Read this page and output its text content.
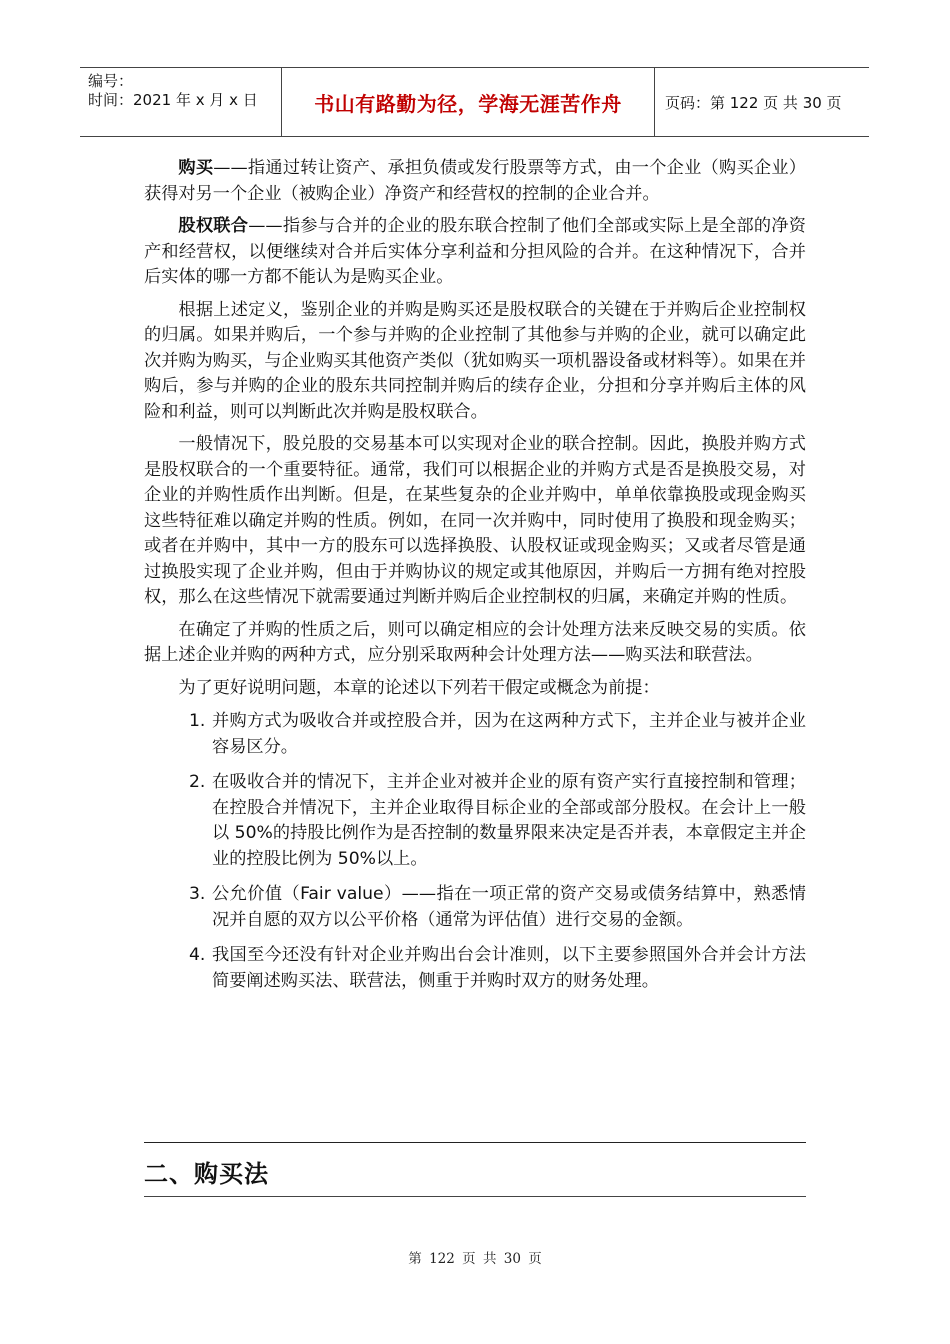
编号：
时间：2021 年 x 月 x 日	书山有路勤为径，学海无涯苦作舟	页码：第 122 页 共 30 页

购买——指通过转让资产、承担负债或发行股票等方式，由一个企业（购买企业）获得对另一个企业（被购企业）净资产和经营权的控制的企业合并。

股权联合——指参与合并的企业的股东联合控制了他们全部或实际上是全部的净资产和经营权，以便继续对合并后实体分享利益和分担风险的合并。在这种情况下，合并后实体的哪一方都不能认为是购买企业。

根据上述定义，鉴别企业的并购是购买还是股权联合的关键在于并购后企业控制权的归属。如果并购后，一个参与并购的企业控制了其他参与并购的企业，就可以确定此次并购为购买，与企业购买其他资产类似（犹如购买一项机器设备或材料等）。如果在并购后，参与并购的企业的股东共同控制并购后的续存企业，分担和分享并购后主体的风险和利益，则可以判断此次并购是股权联合。

一般情况下，股兑股的交易基本可以实现对企业的联合控制。因此，换股并购方式是股权联合的一个重要特征。通常，我们可以根据企业的并购方式是否是换股交易，对企业的并购性质作出判断。但是，在某些复杂的企业并购中，单单依靠换股或现金购买这些特征难以确定并购的性质。例如，在同一次并购中，同时使用了换股和现金购买；或者在并购中，其中一方的股东可以选择换股、认股权证或现金购买；又或者尽管是通过换股实现了企业并购，但由于并购协议的规定或其他原因，并购后一方拥有绝对控股权，那么在这些情况下就需要通过判断并购后企业控制权的归属，来确定并购的性质。

在确定了并购的性质之后，则可以确定相应的会计处理方法来反映交易的实质。依据上述企业并购的两种方式，应分别采取两种会计处理方法——购买法和联营法。

为了更好说明问题，本章的论述以下列若干假定或概念为前提：

1. 并购方式为吸收合并或控股合并，因为在这两种方式下，主并企业与被并企业容易区分。
2. 在吸收合并的情况下，主并企业对被并企业的原有资产实行直接控制和管理；在控股合并情况下，主并企业取得目标企业的全部或部分股权。在会计上一般以 50%的持股比例作为是否控制的数量界限来决定是否并表，本章假定主并企业的控股比例为 50%以上。
3. 公允价值（Fair value）——指在一项正常的资产交易或债务结算中，熟悉情况并自愿的双方以公平价格（通常为评估值）进行交易的金额。
4. 我国至今还没有针对企业并购出台会计准则，以下主要参照国外合并会计方法简要阐述购买法、联营法，侧重于并购时双方的财务处理。
二、购买法
第 122 页 共 30 页
